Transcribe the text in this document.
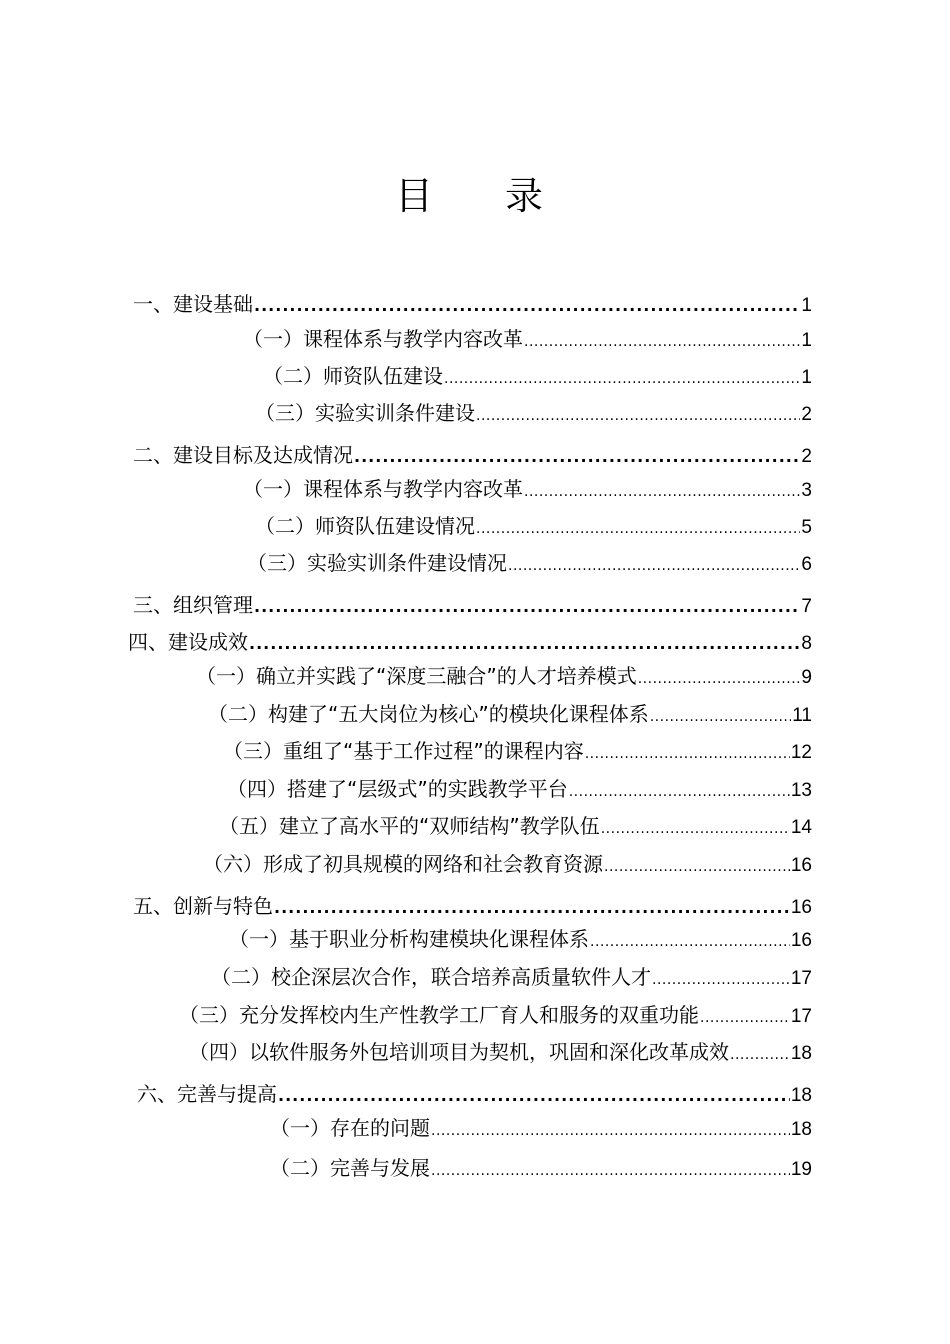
目 录
一、建设基础 .....	1
（一）课程体系与教学内容改革 .....	1
（二）师资队伍建设 .....	1
（三）实验实训条件建设 .....	2
二、建设目标及达成情况 .....	2
（一）课程体系与教学内容改革 .....	3
（二）师资队伍建设情况 .....	5
（三）实验实训条件建设情况 .....	6
三、组织管理 .....	7
四、建设成效 .....	8
（一）确立并实践了“深度三融合”的人才培养模式 .....	9
（二）构建了“五大岗位为核心”的模块化课程体系 .....	11
（三）重组了“基于工作过程”的课程内容 .....	12
（四）搭建了“层级式”的实践教学平台 .....	13
（五）建立了高水平的“双师结构”教学队伍 .....	14
（六）形成了初具规模的网络和社会教育资源 .....	16
五、创新与特色 .....	16
（一）基于职业分析构建模块化课程体系 .....	16
（二）校企深层次合作，联合培养高质量软件人才 .....	17
（三）充分发挥校内生产性教学工厂育人和服务的双重功能 .....	17
（四）以软件服务外包培训项目为契机，巩固和深化改革成效 .....	18
六、完善与提高 .....	18
（一）存在的问题 .....	18
（二）完善与发展 .....	19
